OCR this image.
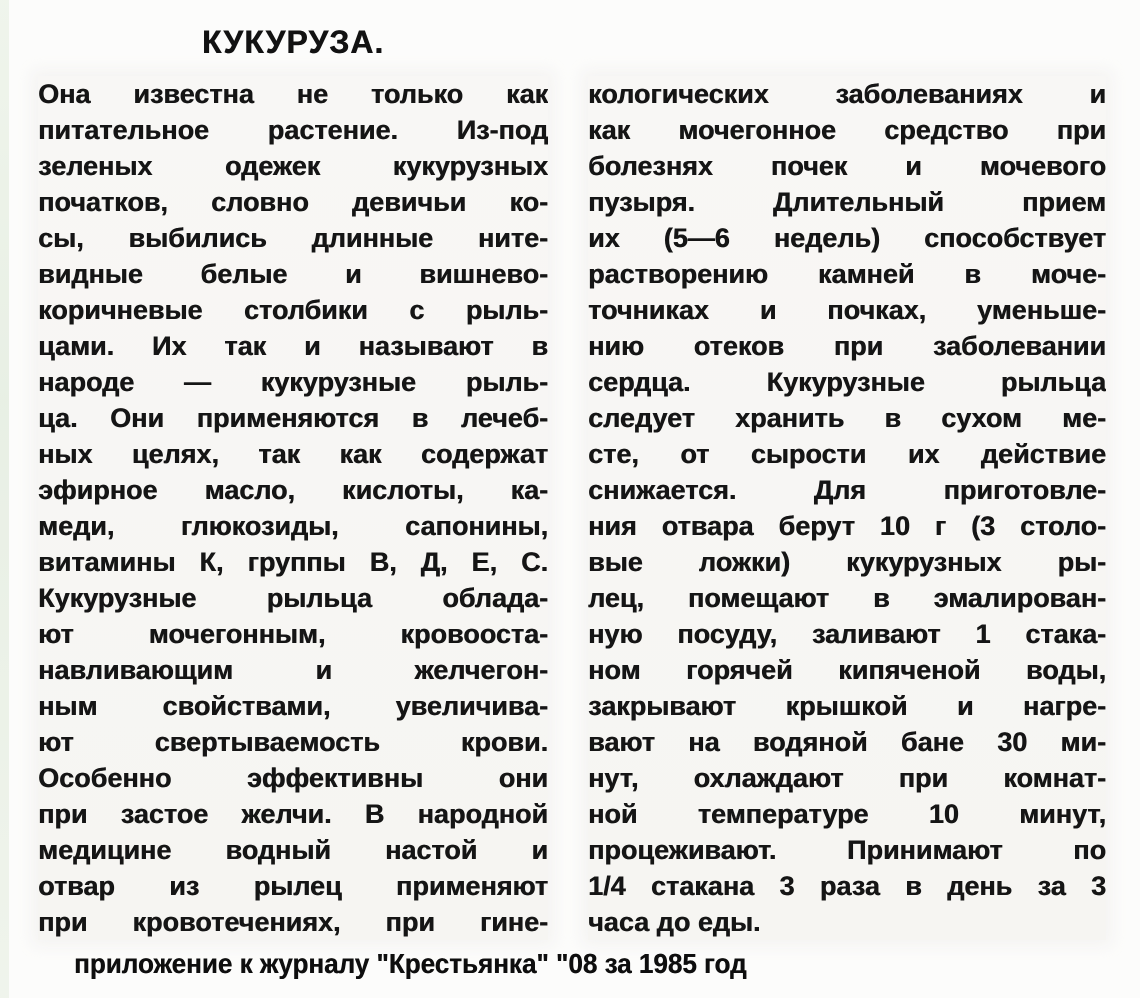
КУКУРУЗА.
Она известна не только как
питательное растение. Из-под
зеленых одежек кукурузных
початков, словно девичьи ко-
сы, выбились длинные ните-
видные белые и вишнево-
коричневые столбики с рыль-
цами. Их так и называют в
народе — кукурузные рыль-
ца. Они применяются в лечеб-
ных целях, так как содержат
эфирное масло, кислоты, ка-
меди, глюкозиды, сапонины,
витамины К, группы В, Д, Е, С.
Кукурузные рыльца облада-
ют мочегонным, кровооста-
навливающим и желчегон-
ным свойствами, увеличива-
ют свертываемость крови.
Особенно эффективны они
при застое желчи. В народной
медицине водный настой и
отвар из рылец применяют
при кровотечениях, при гине-
кологических заболеваниях и
как мочегонное средство при
болезнях почек и мочевого
пузыря. Длительный прием
их (5—6 недель) способствует
растворению камней в моче-
точниках и почках, уменьше-
нию отеков при заболевании
сердца. Кукурузные рыльца
следует хранить в сухом ме-
сте, от сырости их действие
снижается. Для приготовле-
ния отвара берут 10 г (3 столо-
вые ложки) кукурузных ры-
лец, помещают в эмалирован-
ную посуду, заливают 1 стака-
ном горячей кипяченой воды,
закрывают крышкой и нагре-
вают на водяной бане 30 ми-
нут, охлаждают при комнат-
ной температуре 10 минут,
процеживают. Принимают по
1/4 стакана 3 раза в день за 3
часа до еды.

приложение к журналу "Крестьянка" "08 за 1985 год
